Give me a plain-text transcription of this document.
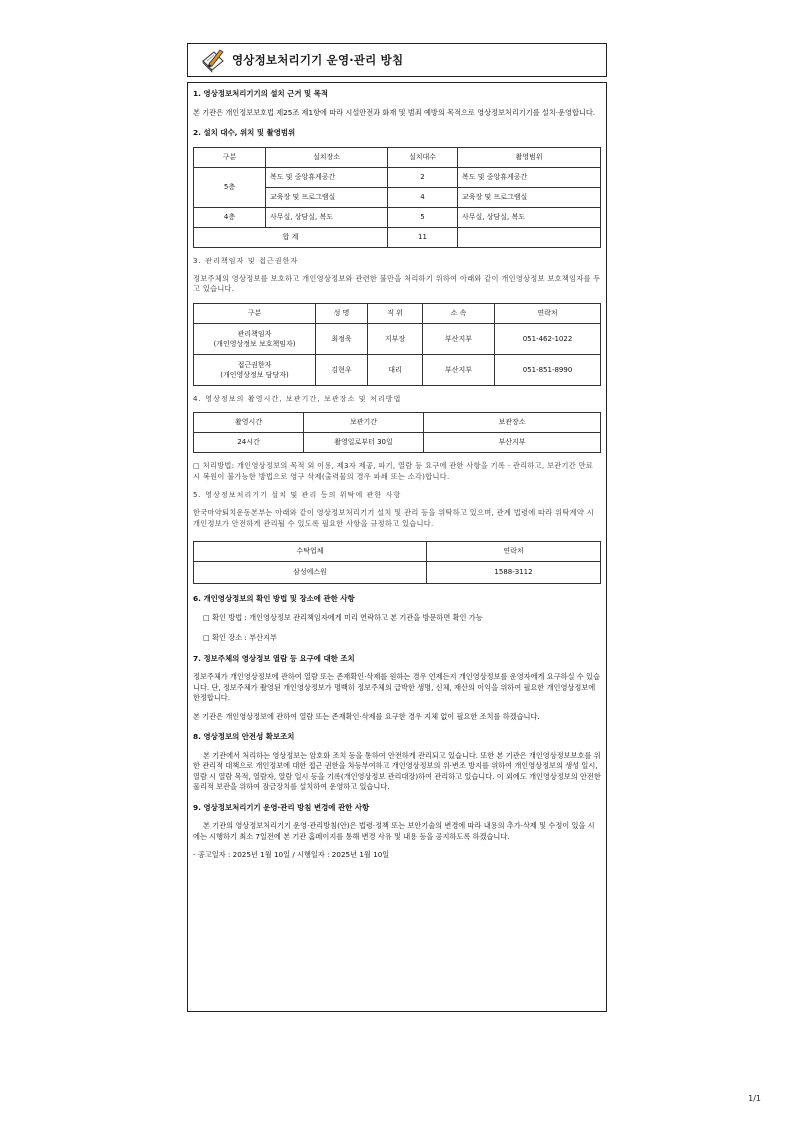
영상정보처리기기 운영·관리 방침
1. 영상정보처리기기의 설치 근거 및 목적
본 기관은 개인정보보호법 제25조 제1항에 따라 시설안전과 화재 및 범죄 예방의 목적으로 영상정보처리기기를 설치·운영합니다.
2. 설치 대수, 위치 및 촬영범위
구분	설치장소	설치대수	촬영범위
5층	복도 및 중앙휴게공간	2	복도 및 중앙휴게공간
	교육장 및 프로그램실	4	교육장 및 프로그램실
4층	사무실, 상담실, 복도	5	사무실, 상담실, 복도
합 계		11	
3. 관리책임자 및 접근권한자
정보주체의 영상정보를 보호하고 개인영상정보와 관련한 불만을 처리하기 위하여 아래와 같이 개인영상정보 보호책임자를 두고 있습니다.
구분	성 명	직 위	소 속	연락처

관리책임자
(개인영상정보 보호책임자)	최정욱	지부장	부산지부	051-462-1022

접근권한자
(개인영상정보 담당자)	김현우	대리	부산지부	051-851-8990
4. 영상정보의 촬영시간, 보관기간, 보관장소 및 처리방법
촬영시간	보관기간	보관장소
24시간	촬영일로부터 30일	부산지부
□ 처리방법: 개인영상정보의 목적 외 이용, 제3자 제공, 파기, 열람 등 요구에 관한 사항을 기록 · 관리하고, 보관기간 만료 시 복원이 불가능한 방법으로 영구 삭제(출력물의 경우 파쇄 또는 소각)합니다.
5. 영상정보처리기기 설치 및 관리 등의 위탁에 관한 사항
한국마약퇴치운동본부는 아래와 같이 영상정보처리기기 설치 및 관리 등을 위탁하고 있으며, 관계 법령에 따라 위탁계약 시 개인정보가 안전하게 관리될 수 있도록 필요한 사항을 규정하고 있습니다.
수탁업체	연락처
삼성에스원	1588-3112
6. 개인영상정보의 확인 방법 및 장소에 관한 사항
□ 확인 방법 : 개인영상정보 관리책임자에게 미리 연락하고 본 기관을 방문하면 확인 가능
□ 확인 장소 : 부산지부
7. 정보주체의 영상정보 열람 등 요구에 대한 조치
정보주체가 개인영상정보에 관하여 열람 또는 존재확인·삭제를 원하는 경우 언제든지 개인영상정보를 운영자에게 요구하실 수 있습니다. 단, 정보주체가 촬영된 개인영상정보가 명백히 정보주체의 급박한 생명, 신체, 재산의 이익을 위하여 필요한 개인영상정보에 한정합니다.
본 기관은 개인영상정보에 관하여 열람 또는 존재확인·삭제를 요구한 경우 지체 없이 필요한 조치를 하겠습니다.
8. 영상정보의 안전성 확보조치
본 기관에서 처리하는 영상정보는 암호화 조치 등을 통하여 안전하게 관리되고 있습니다. 또한 본 기관은 개인영상정보보호를 위한 관리적 대책으로 개인정보에 대한 접근 권한을 차등부여하고 개인영상정보의 위·변조 방지를 위하여 개인영상정보의 생성 일시, 열람 시 열람 목적, 열람자, 열람 일시 등을 기록(개인영상정보 관리대장)하여 관리하고 있습니다. 이 외에도 개인영상정보의 안전한 물리적 보관을 위하여 잠금장치를 설치하여 운영하고 있습니다.
9. 영상정보처리기기 운영·관리 방침 변경에 관한 사항
본 기관의 영상정보처리기기 운영·관리방침(안)은 법령·정책 또는 보안기술의 변경에 따라 내용의 추가·삭제 및 수정이 있을 시에는 시행하기 최소 7일전에 본 기관 홈페이지를 통해 변경 사유 및 내용 등을 공지하도록 하겠습니다.
- 공고일자 : 2025년 1월 10일 / 시행일자 : 2025년 1월 10일
1/1
